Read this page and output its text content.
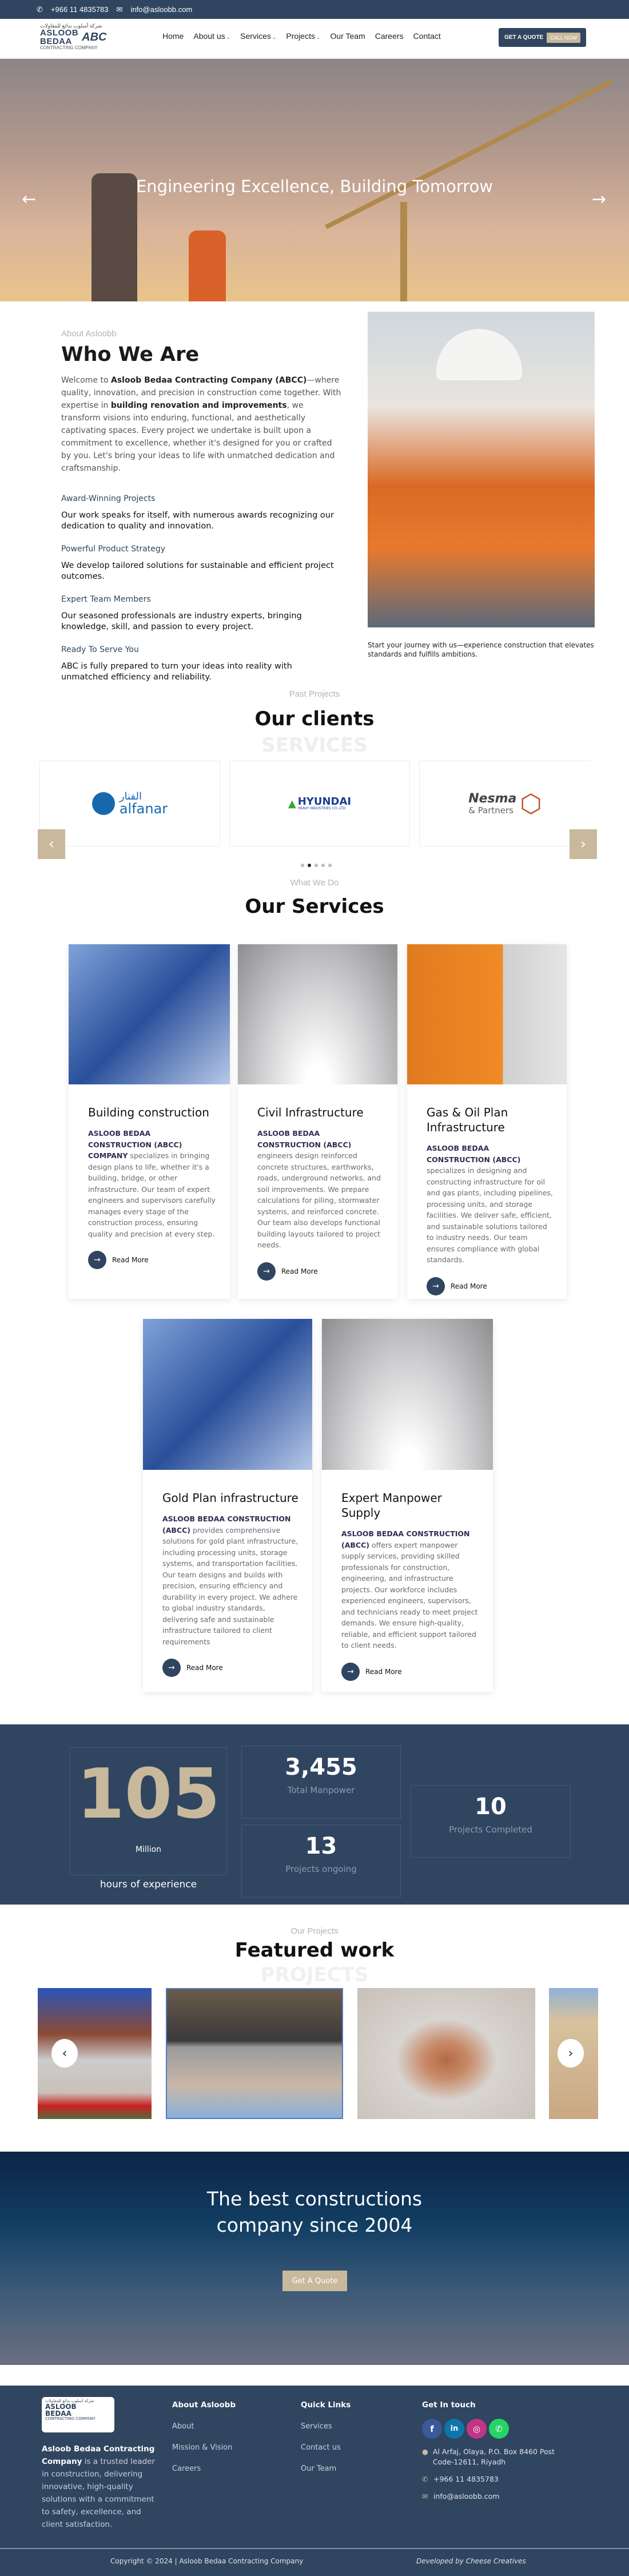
✆ +966 11 4835783 ✉ info@asloobb.com
شركة أسلوب بدائع للمقاولات
ASLOOB
BEDAA ABC
CONTRACTING COMPANY
Home About us ⌄ Services ⌄ Projects ⌄ Our Team Careers Contact	GET A QUOTE	CALL NOW
Engineering Excellence, Building Tomorrow
←	→
About Asloobb
Who We Are

Welcome to Asloob Bedaa Contracting Company (ABCC)—where quality, innovation, and precision in construction come together. With expertise in building renovation and improvements, we transform visions into enduring, functional, and aesthetically captivating spaces. Every project we undertake is built upon a commitment to excellence, whether it's designed for you or crafted by you. Let's bring your ideas to life with unmatched dedication and craftsmanship.

Award-Winning Projects
Our work speaks for itself, with numerous awards recognizing our dedication to quality and innovation.
Powerful Product Strategy
We develop tailored solutions for sustainable and efficient project outcomes.
Expert Team Members
Our seasoned professionals are industry experts, bringing knowledge, skill, and passion to every project.
Ready To Serve You
ABC is fully prepared to turn your ideas into reality with unmatched efficiency and reliability.
Start your journey with us—experience construction that elevates standards and fulfills ambitions.
Past Projects
Our clients
SERVICES
الفنار
alfanar	▲ HYUNDAI
HEAVY INDUSTRIES CO.,LTD.
Nesma
& Partners ⬡
‹	›
What We Do
Our Services
Building construction

ASLOOB BEDAA CONSTRUCTION (ABCC) COMPANY specializes in bringing design plans to life, whether it's a building, bridge, or other infrastructure. Our team of expert engineers and supervisors carefully manages every stage of the construction process, ensuring quality and precision at every step.

→	Read More
Civil Infrastructure

ASLOOB BEDAA CONSTRUCTION (ABCC) engineers design reinforced concrete structures, earthworks, roads, underground networks, and soil improvements. We prepare calculations for piling, stormwater systems, and reinforced concrete. Our team also develops functional building layouts tailored to project needs.

→	Read More
Gas & Oil Plan Infrastructure

ASLOOB BEDAA CONSTRUCTION (ABCC) specializes in designing and constructing infrastructure for oil and gas plants, including pipelines, processing units, and storage facilities. We deliver safe, efficient, and sustainable solutions tailored to industry needs. Our team ensures compliance with global standards.

→	Read More
Gold Plan infrastructure

ASLOOB BEDAA CONSTRUCTION (ABCC) provides comprehensive solutions for gold plant infrastructure, including processing units, storage systems, and transportation facilities. Our team designs and builds with precision, ensuring efficiency and durability in every project. We adhere to global industry standards, delivering safe and sustainable infrastructure tailored to client requirements

→	Read More
Expert Manpower Supply

ASLOOB BEDAA CONSTRUCTION (ABCC) offers expert manpower supply services, providing skilled professionals for construction, engineering, and infrastructure projects. Our workforce includes experienced engineers, supervisors, and technicians ready to meet project demands. We ensure high-quality, reliable, and efficient support tailored to client needs.

→	Read More
105
Million
hours of experience
3,455
Total Manpower
13
Projects ongoing
10
Projects Completed
Our Projects
Featured work
PROJECTS
‹	›
The best constructions company since 2004
Get A Quote
شركة أسلوب بدائع للمقاولات
ASLOOB
BEDAA
CONTRACTING COMPANY
Asloob Bedaa Contracting Company is a trusted leader in construction, delivering innovative, high-quality solutions with a commitment to safety, excellence, and client satisfaction.
About Asloobb
About
Mission & Vision
Careers
Quick Links
Services
Contact us
Our Team
Get In touch
f	in	◎	✆
● Al Arfaj, Olaya, P.O. Box 8460 Post Code-12611, Riyadh
✆ +966 11 4835783
✉ info@asloobb.com
Copyright © 2024 | Asloob Bedaa Contracting Company	Developed by Cheese Creatives
